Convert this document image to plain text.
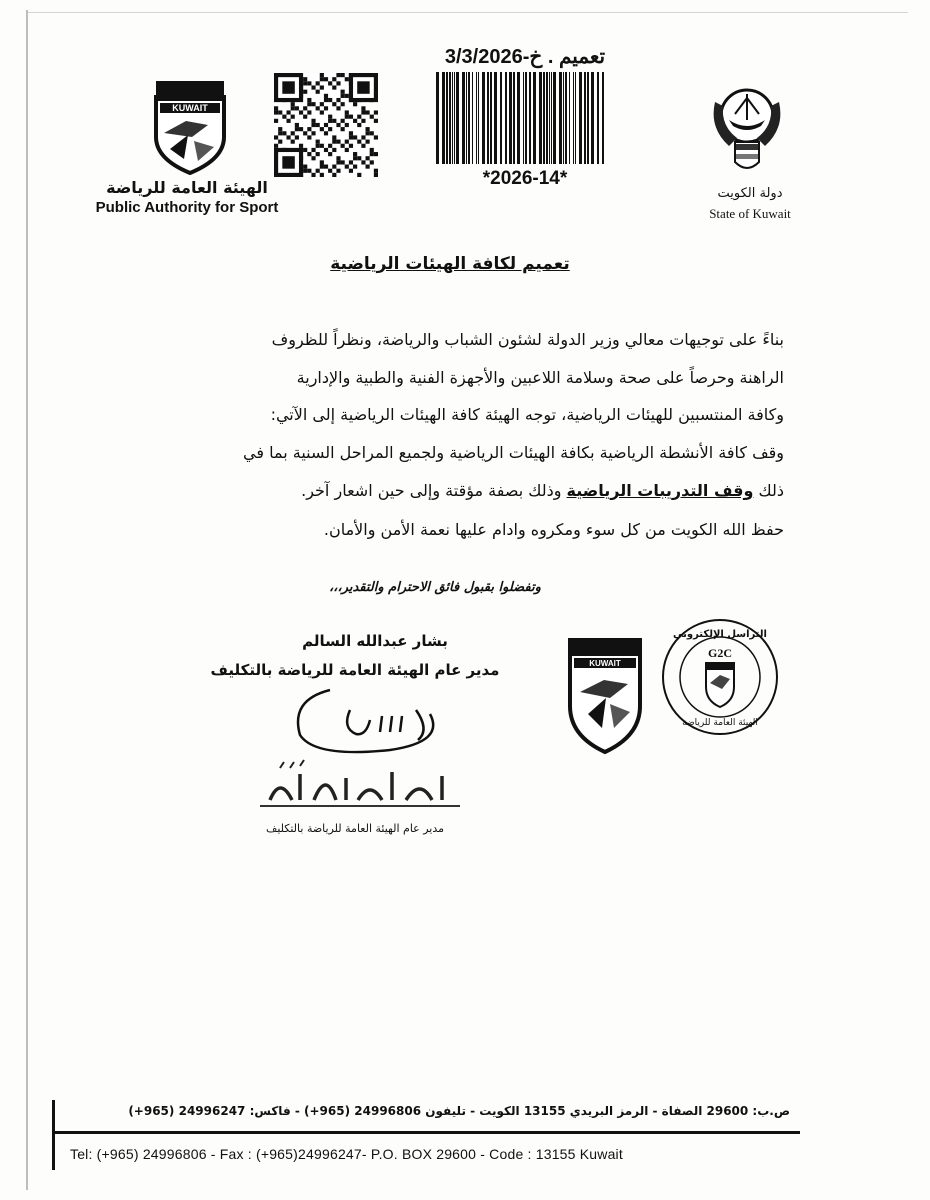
تعميم . خ-3/3/2026
*2026-14*
KUWAIT
الهيئة العامة للرياضة
Public Authority for Sport
دولة الكويت
State of Kuwait
تعميم لكافة الهيئات الرياضية
بناءً على توجيهات معالي وزير الدولة لشئون الشباب والرياضة، ونظراً للظروف
الراهنة وحرصاً على صحة وسلامة اللاعبين والأجهزة الفنية والطبية والإدارية
وكافة المنتسبين للهيئات الرياضية، توجه الهيئة كافة الهيئات الرياضية إلى الآتي:
وقف كافة الأنشطة الرياضية بكافة الهيئات الرياضية ولجميع المراحل السنية بما في
ذلك وقف التدريبات الرياضية وذلك بصفة مؤقتة وإلى حين اشعار آخر.
حفظ الله الكويت من كل سوء ومكروه وادام عليها نعمة الأمن والأمان.
وتفضلوا بقبول فائق الاحترام والتقدير،،،
بشار عبدالله السالم
مدير عام الهيئة العامة للرياضة بالتكليف
مدير عام الهيئة العامة للرياضة بالتكليف
KUWAIT
التراسل الإلكتروني
G2C
الهيئة العامة للرياضة
ص.ب: 29600 الصفاة - الرمز البريدي 13155 الكويت - تليفون 24996806 (965+) - فاكس: 24996247 (965+)
Tel: (+965) 24996806 - Fax : (+965)24996247- P.O. BOX 29600 - Code : 13155 Kuwait
